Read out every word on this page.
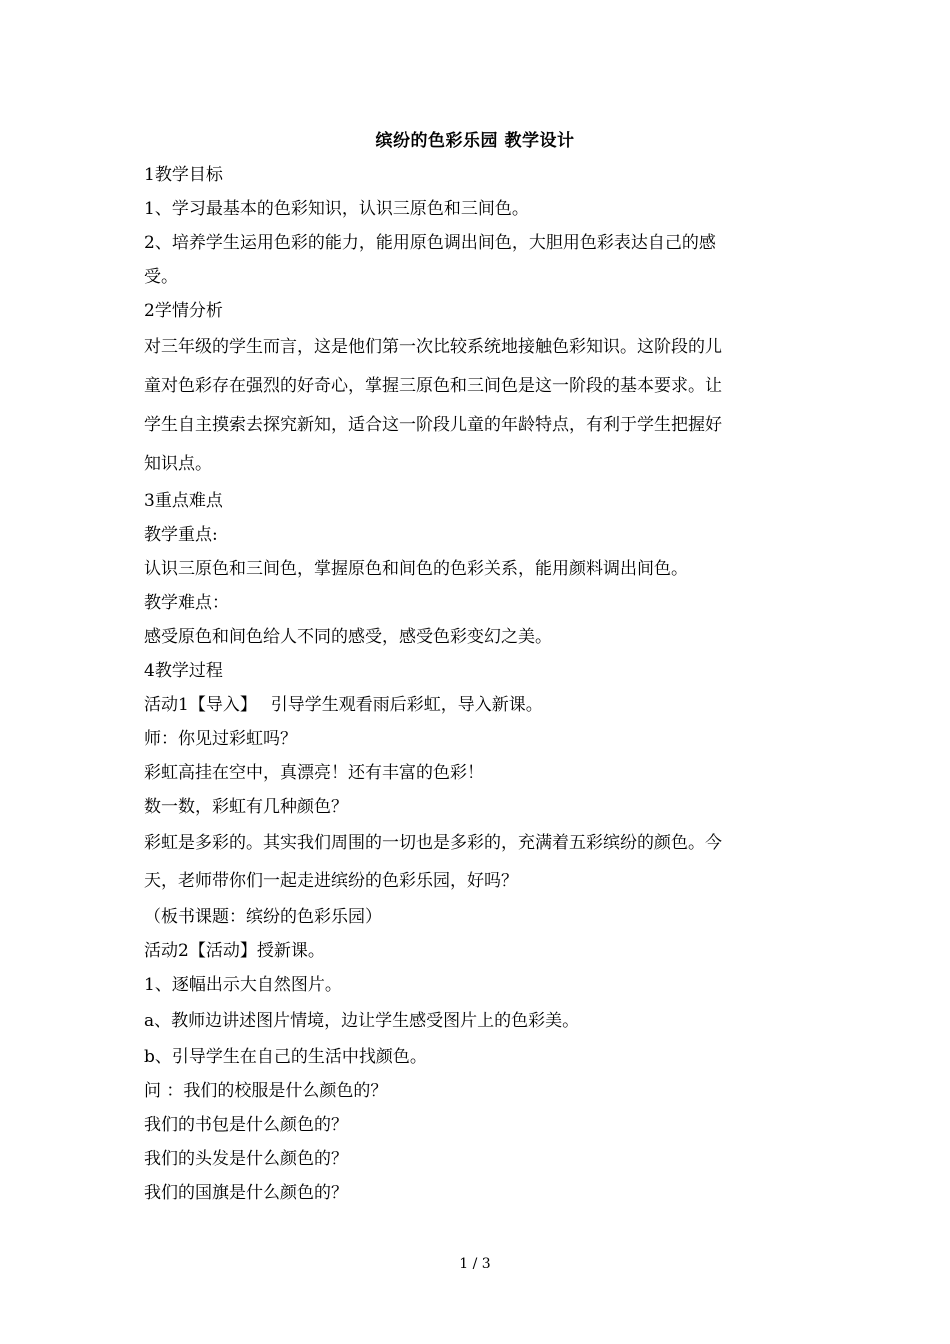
缤纷的色彩乐园 教学设计
1教学目标
1、学习最基本的色彩知识，认识三原色和三间色。
2、培养学生运用色彩的能力，能用原色调出间色，大胆用色彩表达自己的感
受。
2学情分析
对三年级的学生而言，这是他们第一次比较系统地接触色彩知识。这阶段的儿
童对色彩存在强烈的好奇心，掌握三原色和三间色是这一阶段的基本要求。让
学生自主摸索去探究新知，适合这一阶段儿童的年龄特点，有利于学生把握好
知识点。
3重点难点
教学重点:
认识三原色和三间色，掌握原色和间色的色彩关系，能用颜料调出间色。
教学难点：
感受原色和间色给人不同的感受，感受色彩变幻之美。
4教学过程
活动1【导入】　 引导学生观看雨后彩虹，导入新课。
师：你见过彩虹吗？
彩虹高挂在空中，真漂亮！还有丰富的色彩！
数一数，彩虹有几种颜色？
彩虹是多彩的。其实我们周围的一切也是多彩的，充满着五彩缤纷的颜色。今
天，老师带你们一起走进缤纷的色彩乐园，好吗？
（板书课题：缤纷的色彩乐园）
活动2【活动】授新课。
1、逐幅出示大自然图片。
a、教师边讲述图片情境，边让学生感受图片上的色彩美。
b、引导学生在自己的生活中找颜色。
问 ：我们的校服是什么颜色的？
我们的书包是什么颜色的？
我们的头发是什么颜色的？
我们的国旗是什么颜色的？
1 / 3
